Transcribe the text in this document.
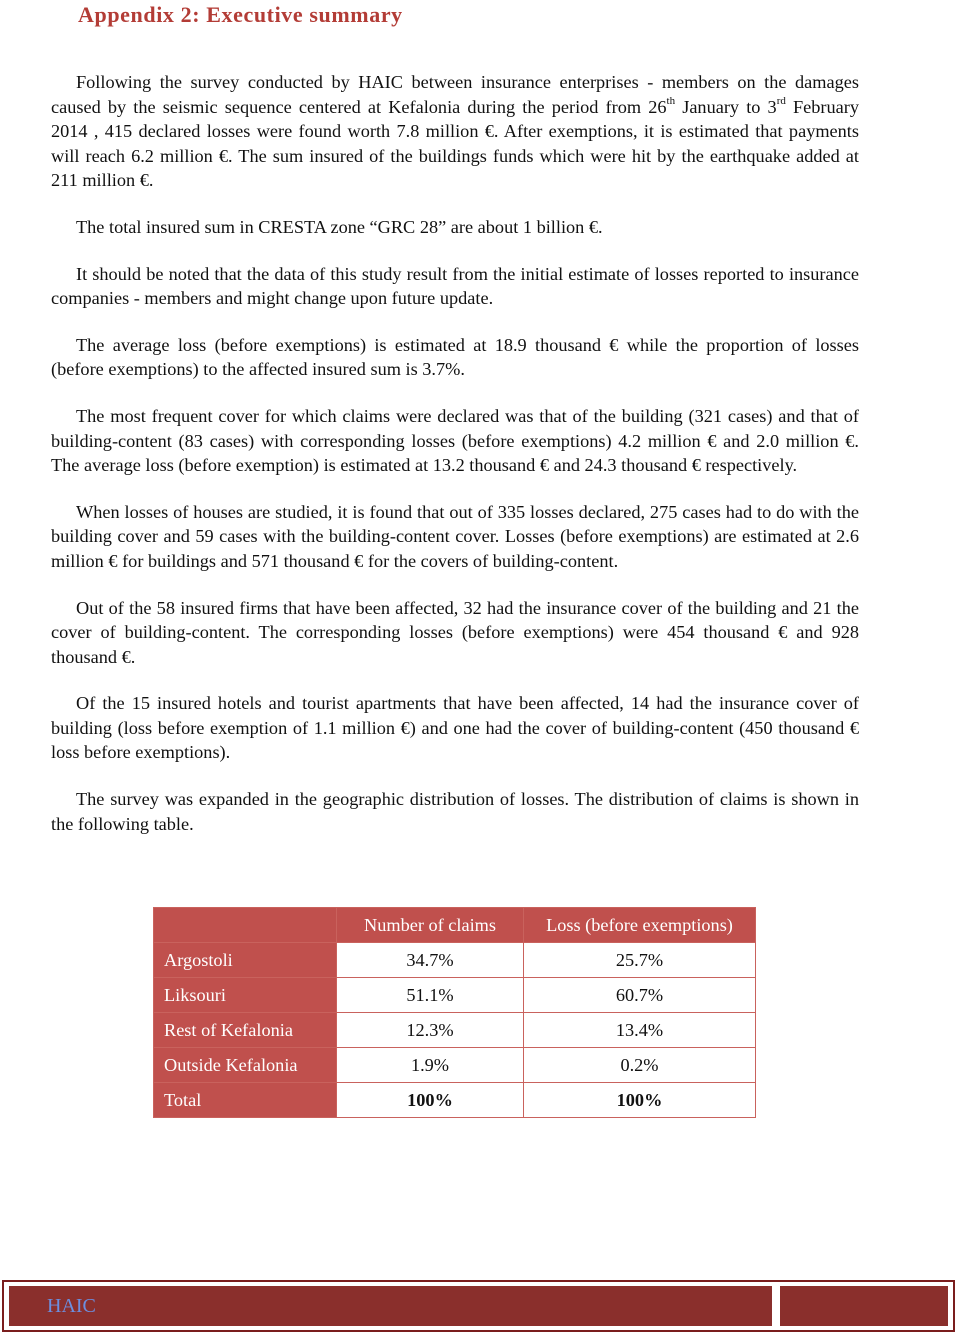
Appendix 2: Executive summary

Following the survey conducted by HAIC between insurance enterprises - members on the damages caused by the seismic sequence centered at Kefalonia during the period from 26th January to 3rd February 2014 , 415 declared losses were found worth 7.8 million €. After exemptions, it is estimated that payments will reach 6.2 million €. The sum insured of the buildings funds which were hit by the earthquake added at 211 million €.

The total insured sum in CRESTA zone “GRC 28” are about 1 billion €.

It should be noted that the data of this study result from the initial estimate of losses reported to insurance companies - members and might change upon future update.

The average loss (before exemptions) is estimated at 18.9 thousand € while the proportion of losses (before exemptions) to the affected insured sum is 3.7%.

The most frequent cover for which claims were declared was that of the building (321 cases) and that of building-content (83 cases) with corresponding losses (before exemptions) 4.2 million € and 2.0 million €. The average loss (before exemption) is estimated at 13.2 thousand € and 24.3 thousand € respectively.

When losses of houses are studied, it is found that out of 335 losses declared, 275 cases had to do with the building cover and 59 cases with the building-content cover. Losses (before exemptions) are estimated at 2.6 million € for buildings and 571 thousand € for the covers of building-content.

Out of the 58 insured firms that have been affected, 32 had the insurance cover of the building and 21 the cover of building-content. The corresponding losses (before exemptions) were 454 thousand € and 928 thousand €.

Of the 15 insured hotels and tourist apartments that have been affected, 14 had the insurance cover of building (loss before exemption of 1.1 million €) and one had the cover of building-content (450 thousand € loss before exemptions).

The survey was expanded in the geographic distribution of losses. The distribution of claims is shown in the following table.

	Number of claims	Loss (before exemptions)
Argostoli	34.7%	25.7%
Liksouri	51.1%	60.7%
Rest of Kefalonia	12.3%	13.4%
Outside Kefalonia	1.9%	0.2%
Total	100%	100%
HAIC
